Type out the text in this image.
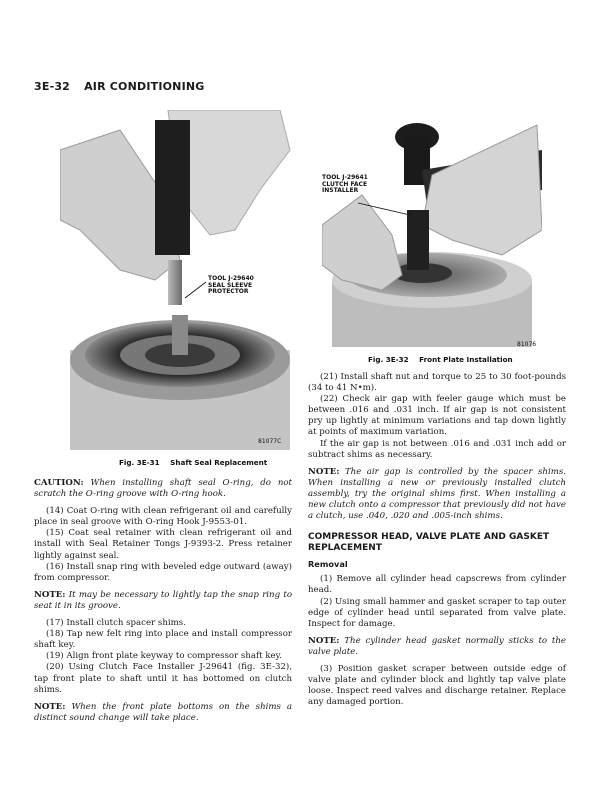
3E-32 AIR CONDITIONING
TOOL J-29640
SEAL SLEEVE
PROTECTOR
81077C
Fig. 3E-31 Shaft Seal Replacement
TOOL J-29641
CLUTCH FACE
INSTALLER
81076
Fig. 3E-32 Front Plate Installation

CAUTION: When installing shaft seal O-ring, do not scratch the O-ring groove with O-ring hook.

(14) Coat O-ring with clean refrigerant oil and carefully place in seal groove with O-ring Hook J-9553-01.

(15) Coat seal retainer with clean refrigerant oil and install with Seal Retainer Tongs J-9393-2. Press retainer lightly against seal.

(16) Install snap ring with beveled edge outward (away) from compressor.

NOTE: It may be necessary to lightly tap the snap ring to seat it in its groove.

(17) Install clutch spacer shims.

(18) Tap new felt ring into place and install compressor shaft key.

(19) Align front plate keyway to compressor shaft key.

(20) Using Clutch Face Installer J-29641 (fig. 3E-32), tap front plate to shaft until it has bottomed on clutch shims.

NOTE: When the front plate bottoms on the shims a distinct sound change will take place.

(21) Install shaft nut and torque to 25 to 30 foot-pounds (34 to 41 N•m).

(22) Check air gap with feeler gauge which must be between .016 and .031 inch. If air gap is not consistent pry up lightly at minimum variations and tap down lightly at points of maximum variation.

If the air gap is not between .016 and .031 inch add or subtract shims as necessary.

NOTE: The air gap is controlled by the spacer shims. When installing a new or previously installed clutch assembly, try the original shims first. When installing a new clutch onto a compressor that previously did not have a clutch, use .040, .020 and .005-inch shims.

COMPRESSOR HEAD, VALVE PLATE AND GASKET REPLACEMENT
Removal

(1) Remove all cylinder head capscrews from cylinder head.

(2) Using small hammer and gasket scraper to tap outer edge of cylinder head until separated from valve plate. Inspect for damage.

NOTE: The cylinder head gasket normally sticks to the valve plate.

(3) Position gasket scraper between outside edge of valve plate and cylinder block and lightly tap valve plate loose. Inspect reed valves and discharge retainer. Replace any damaged portion.
